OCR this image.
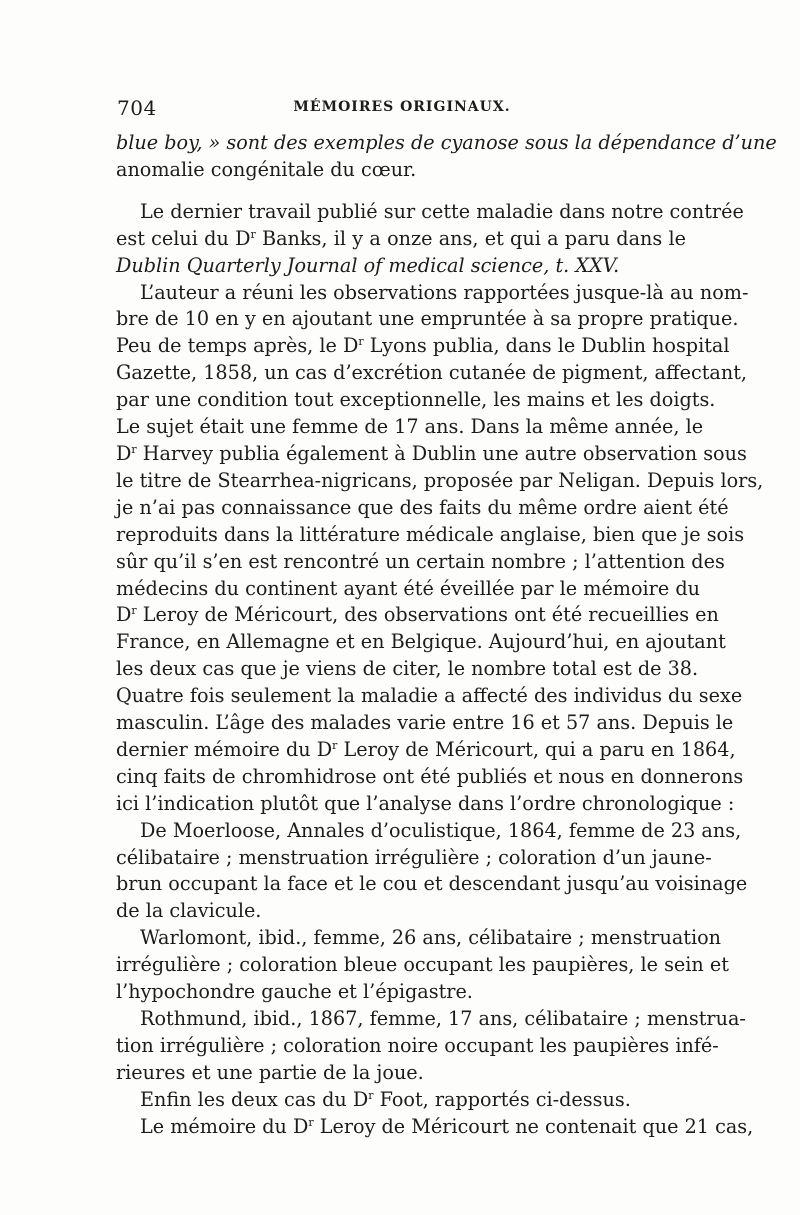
704	MÉMOIRES ORIGINAUX.
blue boy, » sont des exemples de cyanose sous la dépendance d’une
anomalie congénitale du cœur.
Le dernier travail publié sur cette maladie dans notre contrée
est celui du $D^r$ Banks, il y a onze ans, et qui a paru dans le
Dublin Quarterly Journal of medical science, t. XXV.
L’auteur a réuni les observations rapportées jusque-là au nom-
bre de 10 en y en ajoutant une empruntée à sa propre pratique.
Peu de temps après, le $D^r$ Lyons publia, dans le Dublin hospital
Gazette, 1858, un cas d’excrétion cutanée de pigment, affectant,
par une condition tout exceptionnelle, les mains et les doigts.
Le sujet était une femme de 17 ans. Dans la même année, le
$D^r$ Harvey publia également à Dublin une autre observation sous
le titre de Stearrhea-nigricans, proposée par Neligan. Depuis lors,
je n’ai pas connaissance que des faits du même ordre aient été
reproduits dans la littérature médicale anglaise, bien que je sois
sûr qu’il s’en est rencontré un certain nombre ; l’attention des
médecins du continent ayant été éveillée par le mémoire du
$D^r$ Leroy de Méricourt, des observations ont été recueillies en
France, en Allemagne et en Belgique. Aujourd’hui, en ajoutant
les deux cas que je viens de citer, le nombre total est de 38.
Quatre fois seulement la maladie a affecté des individus du sexe
masculin. L’âge des malades varie entre 16 et 57 ans. Depuis le
dernier mémoire du $D^r$ Leroy de Méricourt, qui a paru en 1864,
cinq faits de chromhidrose ont été publiés et nous en donnerons
ici l’indication plutôt que l’analyse dans l’ordre chronologique :
De Moerloose, Annales d’oculistique, 1864, femme de 23 ans,
célibataire ; menstruation irrégulière ; coloration d’un jaune-
brun occupant la face et le cou et descendant jusqu’au voisinage
de la clavicule.
Warlomont, ibid., femme, 26 ans, célibataire ; menstruation
irrégulière ; coloration bleue occupant les paupières, le sein et
l’hypochondre gauche et l’épigastre.
Rothmund, ibid., 1867, femme, 17 ans, célibataire ; menstrua-
tion irrégulière ; coloration noire occupant les paupières infé-
rieures et une partie de la joue.
Enfin les deux cas du $D^r$ Foot, rapportés ci-dessus.
Le mémoire du $D^r$ Leroy de Méricourt ne contenait que 21 cas,
